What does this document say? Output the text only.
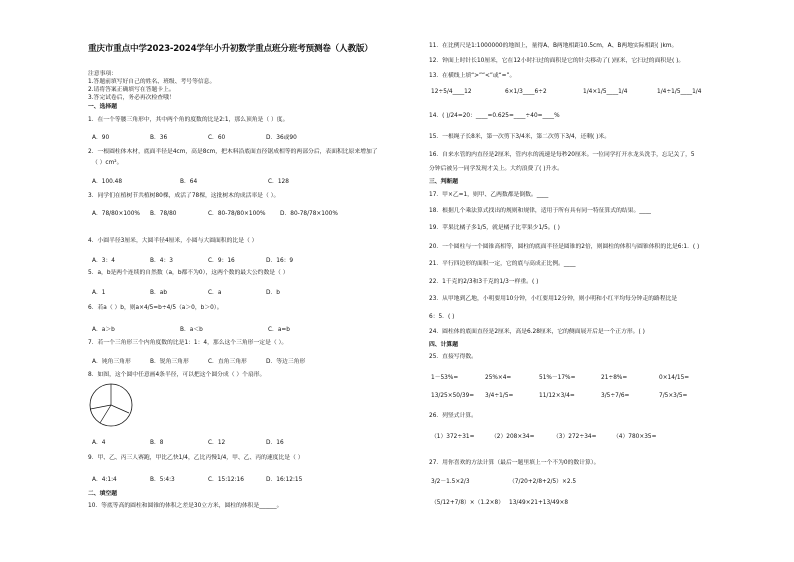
重庆市重点中学2023-2024学年小升初数学重点班分班考预测卷（人教版）
注意事项：
1.答题前填写好自己的姓名、班级、考号等信息。
2.请将答案正确填写在答题卡上。
3.答完试卷后，务必再次检查哦！
一、选择题
1．在一个等腰三角形中，其中两个角的度数的比是2:1，那么顶角是（ ）度。
A．90	B．36	C．60	D．36或90
2．一根圆柱体木材，底面半径是4cm，高是8cm，把木料沿底面直径锯成相等的两部分后，表面积比原来增加了
（ ）cm²。
A．100.48	B．64	C．128
3．同学们在植树节共植树80棵，成活了78棵，这批树木的成活率是（ ）。
A．78/80×100% B．78/80	C．80-78/80×100%	D．80-78/78×100%
4．小圆半径3厘米，大圆半径4厘米，小圆与大圆面积的比是（ ）
A．3：4	B．4：3	C．9：16	D．16：9
5．a，b是两个连续的自然数（a，b都不为0），这两个数的最大公约数是（ ）
A．1	B．ab	C．a	D．b
6．若a（ ）b，则a×4/5=b÷4/5（a＞0，b＞0）。
A．a＞b	B．a＜b	C．a=b
7．若一个三角形三个内角度数的比是1：1：4，那么这个三角形一定是（ ）。
A．钝角三角形	B．锐角三角形	C．直角三角形	D．等边三角形
8．如图，这个圆中任意画4条半径，可以把这个圆分成（ ）个扇形。
A．4	B．8	C．12	D．16
9．甲、乙、丙三人赛跑，甲比乙快1/4，乙比丙慢1/4，甲、乙、丙的速度比是（ ）
A．4:1:4	B．5:4:3	C．15:12:16	D．16:12:15
二、填空题
10．等底等高的圆柱和圆锥的体积之差是30立方米，圆柱的体积是______。
11．在比例尺是1:1000000的地图上，量得A、B两地相距10.5cm，A、B两地实际相距( )km。
12．钟面上时针长10厘米，它在12小时扫过的面积是它的针尖移动了( )厘米，它扫过的面积是( )。
13．在横线上填“>”“<”或“=”。
12÷5/4____12	6×1/3____6÷2	1/4×1/5____1/4	1/4÷1/5____1/4
14．( )/24=20：____=0.625=____÷40=____%
15．一根绳子长8米，第一次剪下3/4米，第二次剪下3/4，还剩( )米。
16．自来水管的内直径是2厘米，管内水的流速是每秒20厘米。一位同学打开水龙头洗手，忘记关了，5
分钟后被另一同学发现才关上。大约浪费了( )升水。
三、判断题
17．甲×乙=1，则甲、乙两数都是倒数。____
18．根据几个乘法算式找出的规则和规律，适用于所有具有同一特征算式的结果。____
19．苹果比橘子多1/5，就是橘子比苹果少1/5。( )
20．一个圆柱与一个圆锥高相等，圆柱的底面半径是圆锥的2倍，则圆柱的体积与圆锥体积的比是6:1．( )
21．平行四边形的面积一定，它的底与高成正比例。____
22．1千克的2/3和3千克的1/3一样重。( )
23．从甲地到乙地，小明要用10分钟，小红要用12分钟，则小明和小红平均每分钟走的路程比是
6：5．( )
24．圆柱体的底面直径是2厘米，高是6.28厘米，它的侧面展开后是一个正方形。( )
四、计算题
25．直接写得数。
1－53%=	25%×4=	51%－17%=	21÷8%=	0×14/15=
13/25×50/39= 3/4÷1/5=	11/12×3/4=	3/5÷7/6=	7/5×3/5=
26．列竖式计算。
（1）372÷31=	（2）208×34=	（3）272÷34=	（4）780×35=
27．用你喜欢的方法计算（最后一题里填上一个不为0的数计算）。
3/2－1.5×2/3	（7/20+2/8+2/5）×2.5
（5/12+7/8）×（1.2×8） 13/49×21+13/49×8
